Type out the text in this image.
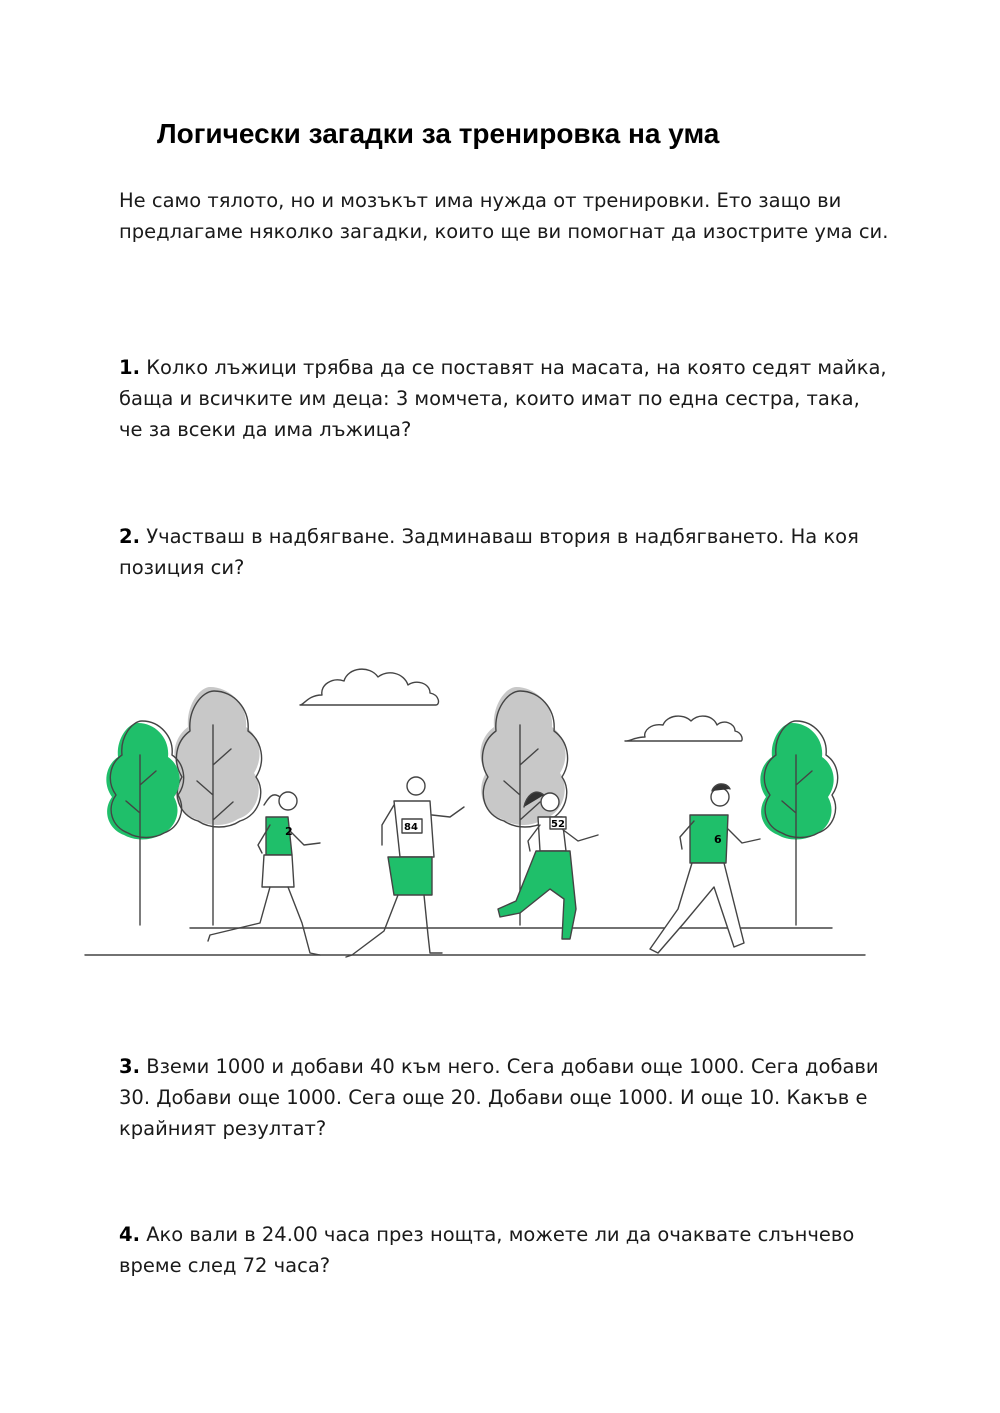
Логически загадки за тренировка на ума

Не само тялото, но и мозъкът има нужда от тренировки. Ето защо ви предлагаме няколко загадки, които ще ви помогнат да изострите ума си.

1. Колко лъжици трябва да се поставят на масата, на която седят майка, баща и всичките им деца: 3 момчета, които имат по една сестра, така, че за всеки да има лъжица?

2. Участваш в надбягване. Задминаваш втория в надбягването. На коя позиция си?

2	84	52
6

3. Вземи 1000 и добави 40 към него. Сега добави още 1000. Сега добави 30. Добави още 1000. Сега още 20. Добави още 1000. И още 10. Какъв е крайният резултат?

4. Ако вали в 24.00 часа през нощта, можете ли да очаквате слънчево време след 72 часа?
